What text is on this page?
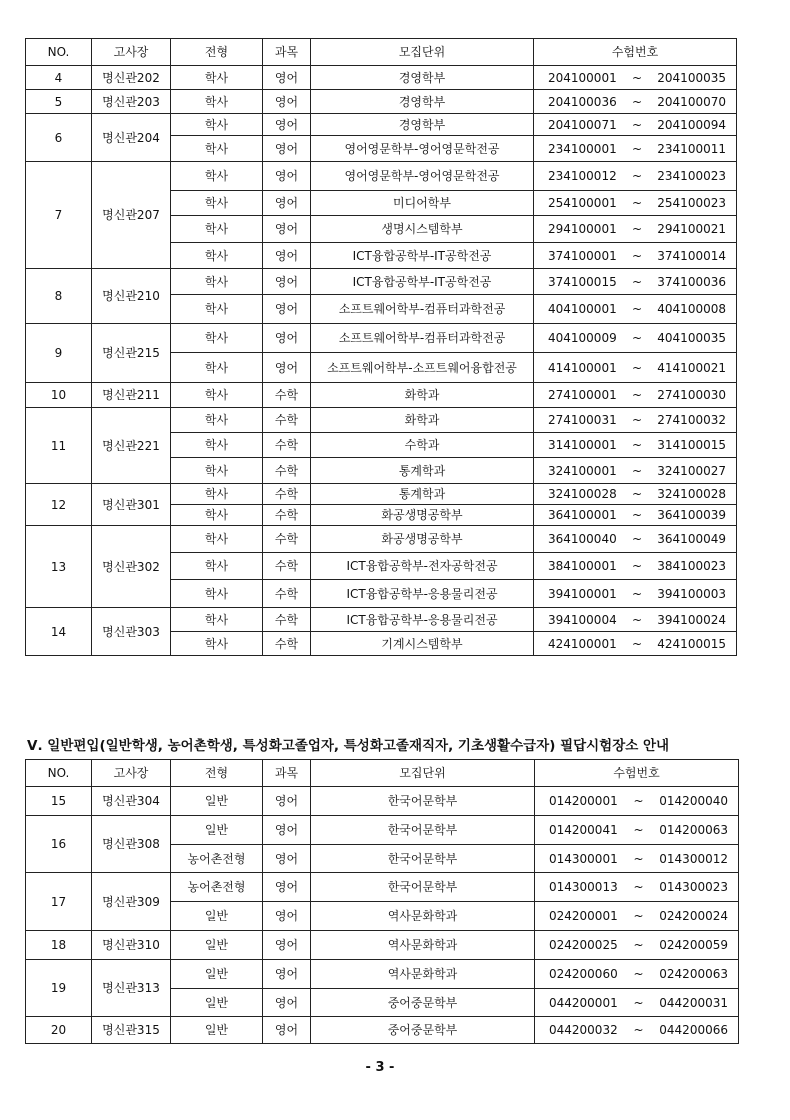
NO.	고사장	전형	과목	모집단위	수험번호
4	명신관202	학사	영어	경영학부	204100001 ~ 204100035

5	명신관203	학사	영어	경영학부	204100036 ~ 204100070

6	명신관204	학사	영어	경영학부	204100071 ~ 204100094

		학사	영어	영어영문학부-영어영문학전공	234100001 ~ 234100011

7	명신관207	학사	영어	영어영문학부-영어영문학전공	234100012 ~ 234100023

		학사	영어	미디어학부	254100001 ~ 254100023

		학사	영어	생명시스템학부	294100001 ~ 294100021

		학사	영어	ICT융합공학부-IT공학전공	374100001 ~ 374100014

8	명신관210	학사	영어	ICT융합공학부-IT공학전공	374100015 ~ 374100036

		학사	영어	소프트웨어학부-컴퓨터과학전공	404100001 ~ 404100008

9	명신관215	학사	영어	소프트웨어학부-컴퓨터과학전공	404100009 ~ 404100035

		학사	영어	소프트웨어학부-소프트웨어융합전공	414100001 ~ 414100021

10	명신관211	학사	수학	화학과	274100001 ~ 274100030

11	명신관221	학사	수학	화학과	274100031 ~ 274100032

		학사	수학	수학과	314100001 ~ 314100015

		학사	수학	통계학과	324100001 ~ 324100027

12	명신관301	학사	수학	통계학과	324100028 ~ 324100028

		학사	수학	화공생명공학부	364100001 ~ 364100039

13	명신관302	학사	수학	화공생명공학부	364100040 ~ 364100049

		학사	수학	ICT융합공학부-전자공학전공	384100001 ~ 384100023

		학사	수학	ICT융합공학부-응용물리전공	394100001 ~ 394100003

14	명신관303	학사	수학	ICT융합공학부-응용물리전공	394100004 ~ 394100024

		학사	수학	기계시스템학부	424100001 ~ 424100015
Ⅴ. 일반편입(일반학생, 농어촌학생, 특성화고졸업자, 특성화고졸재직자, 기초생활수급자) 필답시험장소 안내
NO.	고사장	전형	과목	모집단위	수험번호
15	명신관304	일반	영어	한국어문학부	014200001 ~ 014200040

16	명신관308	일반	영어	한국어문학부	014200041 ~ 014200063

		농어촌전형	영어	한국어문학부	014300001 ~ 014300012

17	명신관309	농어촌전형	영어	한국어문학부	014300013 ~ 014300023

		일반	영어	역사문화학과	024200001 ~ 024200024

18	명신관310	일반	영어	역사문화학과	024200025 ~ 024200059

19	명신관313	일반	영어	역사문화학과	024200060 ~ 024200063

		일반	영어	중어중문학부	044200001 ~ 044200031

20	명신관315	일반	영어	중어중문학부	044200032 ~ 044200066
- 3 -
